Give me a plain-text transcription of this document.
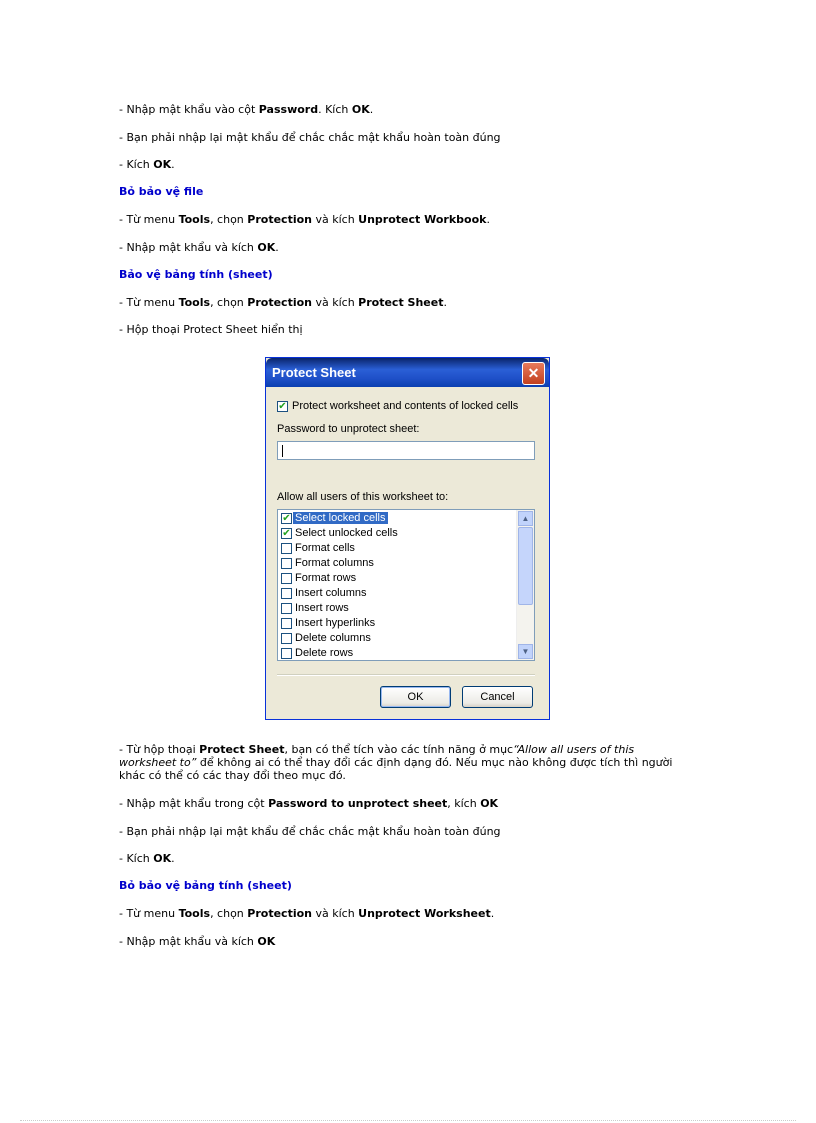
- Nhập mật khẩu vào cột Password. Kích OK.
- Bạn phải nhập lại mật khẩu để chắc chắc mật khẩu hoàn toàn đúng
- Kích OK.
Bỏ bảo vệ file
- Từ menu Tools, chọn Protection và kích Unprotect Workbook.
- Nhập mật khẩu và kích OK.
Bảo vệ bảng tính (sheet)
- Từ menu Tools, chọn Protection và kích Protect Sheet.
- Hộp thoại Protect Sheet hiển thị
Protect Sheet	✕
✔ Protect worksheet and contents of locked cells
Password to unprotect sheet:
Allow all users of this worksheet to:
▲
▼
✔ Select locked cells
✔ Select unlocked cells
Format cells
Format columns
Format rows
Insert columns
Insert rows
Insert hyperlinks
Delete columns
Delete rows
OK	Cancel
- Từ hộp thoại Protect Sheet, bạn có thể tích vào các tính năng ở mục“Allow all users of this worksheet to” để không ai có thể thay đổi các định dạng đó. Nếu mục nào không được tích thì người khác có thể có các thay đổi theo mục đó.
- Nhập mật khẩu trong cột Password to unprotect sheet, kích OK
- Bạn phải nhập lại mật khẩu để chắc chắc mật khẩu hoàn toàn đúng
- Kích OK.
Bỏ bảo vệ bảng tính (sheet)
- Từ menu Tools, chọn Protection và kích Unprotect Worksheet.
- Nhập mật khẩu và kích OK
